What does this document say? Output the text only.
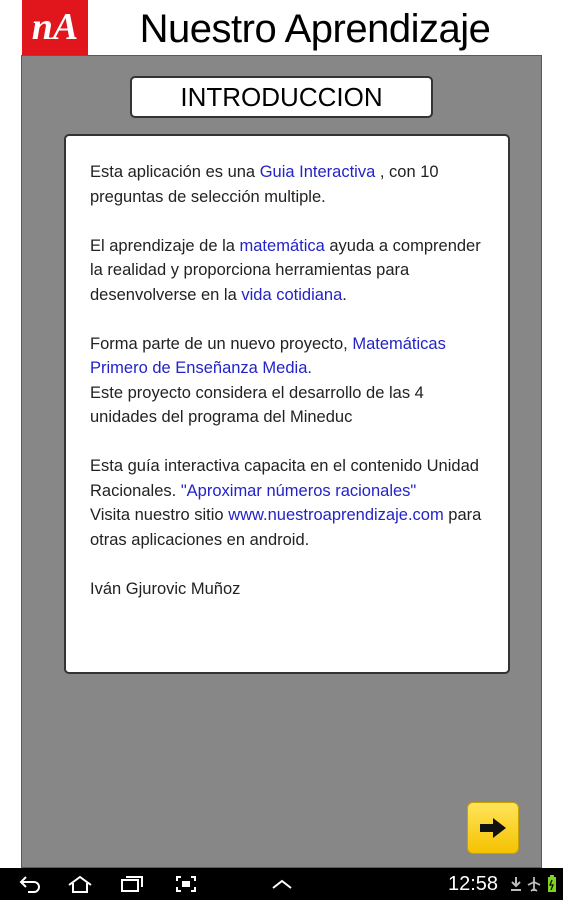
nA	Nuestro Aprendizaje
INTRODUCCION

Esta aplicación es una Guia Interactiva , con 10 preguntas de selección multiple.

El aprendizaje de la matemática ayuda a comprender la realidad y proporciona herramientas para desenvolverse en la vida cotidiana.

Forma parte de un nuevo proyecto, Matemáticas Primero de Enseñanza Media.
Este proyecto considera el desarrollo de las 4 unidades del programa del Mineduc

Esta guía interactiva capacita en el contenido Unidad Racionales. "Aproximar números racionales"
Visita nuestro sitio www.nuestroaprendizaje.com para otras aplicaciones en android.

Iván Gjurovic Muñoz

12:58
